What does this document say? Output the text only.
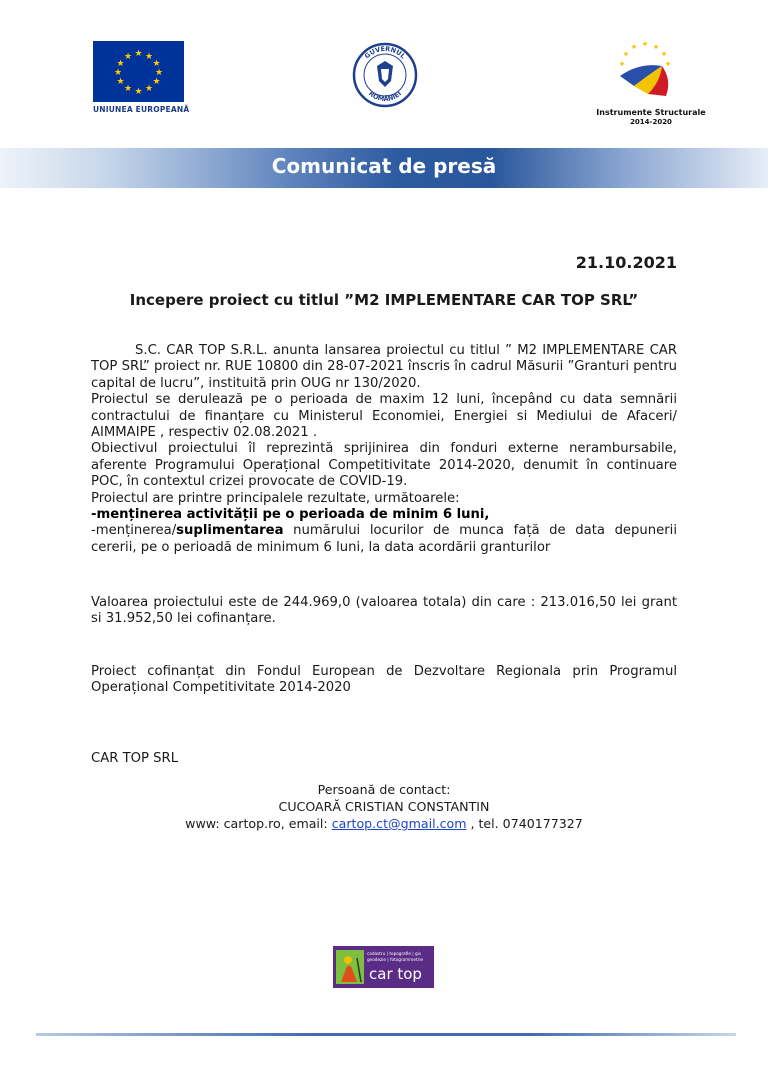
★ ★
★
★
★
★
★
★
★
★
★
★
UNIUNEA EUROPEANĂ
GUVERNUL
ROMÂNIEI
★ ★
★
★
★
★	★
Instrumente Structurale
2014-2020
Comunicat de presă
21.10.2021
Incepere proiect cu titlul ”M2 IMPLEMENTARE CAR TOP SRL”
S.C. CAR TOP S.R.L. anunta lansarea proiectul cu titlul ” M2 IMPLEMENTARE CAR TOP SRL” proiect nr. RUE 10800 din 28-07-2021 înscris în cadrul Măsurii ”Granturi pentru capital de lucru”, instituită prin OUG nr 130/2020.
Proiectul se derulează pe o perioada de maxim 12 luni, începând cu data semnării contractului de finanțare cu Ministerul Economiei, Energiei si Mediului de Afaceri/ AIMMAIPE , respectiv 02.08.2021 .
Obiectivul proiectului îl reprezintă sprijinirea din fonduri externe nerambursabile, aferente Programului Operațional Competitivitate 2014-2020, denumit în continuare POC, în contextul crizei provocate de COVID-19.
Proiectul are printre principalele rezultate, următoarele:
-menținerea activității pe o perioada de minim 6 luni,
-menținerea/suplimentarea numărului locurilor de munca față de data depunerii cererii, pe o perioadă de minimum 6 luni, la data acordării granturilor
Valoarea proiectului este de 244.969,0 (valoarea totala) din care : 213.016,50 lei grant si 31.952,50 lei cofinanțare.
Proiect cofinanțat din Fondul European de Dezvoltare Regionala prin Programul Operațional Competitivitate 2014-2020
CAR TOP SRL
Persoană de contact:
CUCOARĂ CRISTIAN CONSTANTIN
www: cartop.ro, email: cartop.ct@gmail.com , tel. 0740177327
cadastru | topografie | gis
geodezie | fotogrammetrie
car top
